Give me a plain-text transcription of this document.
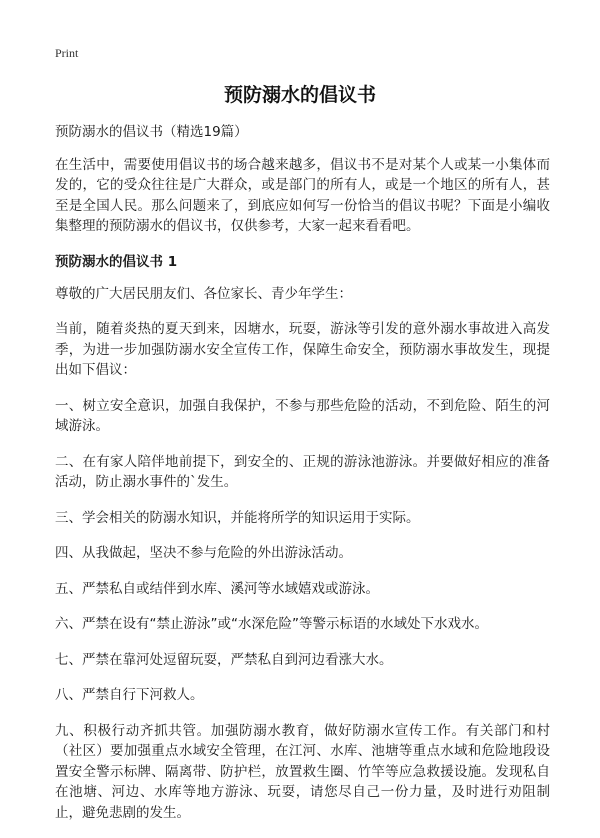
Print
预防溺水的倡议书

预防溺水的倡议书（精选19篇）

在生活中，需要使用倡议书的场合越来越多，倡议书不是对某个人或某一小集体而发的，它的受众往往是广大群众，或是部门的所有人，或是一个地区的所有人，甚至是全国人民。那么问题来了，到底应如何写一份恰当的倡议书呢？下面是小编收集整理的预防溺水的倡议书，仅供参考，大家一起来看看吧。

预防溺水的倡议书 1

尊敬的广大居民朋友们、各位家长、青少年学生：

当前，随着炎热的夏天到来，因塘水，玩耍，游泳等引发的意外溺水事故进入高发季，为进一步加强防溺水安全宣传工作，保障生命安全，预防溺水事故发生，现提出如下倡议：

一、树立安全意识，加强自我保护，不参与那些危险的活动，不到危险、陌生的河域游泳。

二、在有家人陪伴地前提下，到安全的、正规的游泳池游泳。并要做好相应的准备活动，防止溺水事件的`发生。

三、学会相关的防溺水知识，并能将所学的知识运用于实际。

四、从我做起，坚决不参与危险的外出游泳活动。

五、严禁私自或结伴到水库、溪河等水域嬉戏或游泳。

六、严禁在设有“禁止游泳”或“水深危险”等警示标语的水域处下水戏水。

七、严禁在靠河处逗留玩耍，严禁私自到河边看涨大水。

八、严禁自行下河救人。

九、积极行动齐抓共管。加强防溺水教育，做好防溺水宣传工作。有关部门和村（社区）要加强重点水域安全管理，在江河、水库、池塘等重点水域和危险地段设置安全警示标牌、隔离带、防护栏，放置救生圈、竹竿等应急救援设施。发现私自在池塘、河边、水库等地方游泳、玩耍，请您尽自己一份力量，及时进行劝阻制止，避免悲剧的发生。
